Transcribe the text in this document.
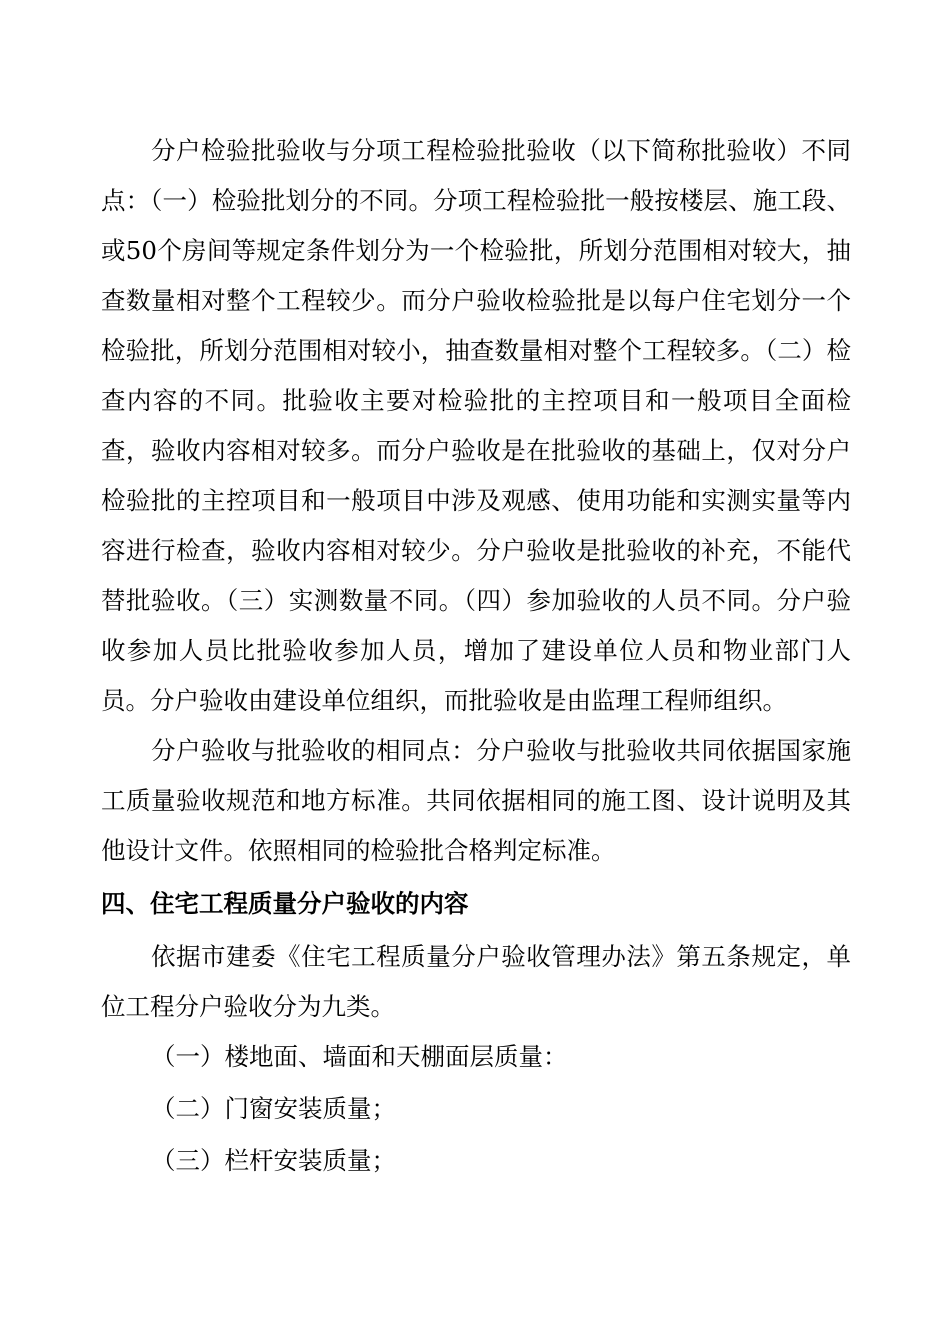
分户检验批验收与分项工程检验批验收（以下简称批验收）不同点：（一）检验批划分的不同。分项工程检验批一般按楼层、施工段、或50个房间等规定条件划分为一个检验批，所划分范围相对较大，抽查数量相对整个工程较少。而分户验收检验批是以每户住宅划分一个检验批，所划分范围相对较小，抽查数量相对整个工程较多。（二）检查内容的不同。批验收主要对检验批的主控项目和一般项目全面检查，验收内容相对较多。而分户验收是在批验收的基础上，仅对分户检验批的主控项目和一般项目中涉及观感、使用功能和实测实量等内容进行检查，验收内容相对较少。分户验收是批验收的补充，不能代替批验收。（三）实测数量不同。（四）参加验收的人员不同。分户验收参加人员比批验收参加人员，增加了建设单位人员和物业部门人员。分户验收由建设单位组织，而批验收是由监理工程师组织。

分户验收与批验收的相同点：分户验收与批验收共同依据国家施工质量验收规范和地方标准。共同依据相同的施工图、设计说明及其他设计文件。依照相同的检验批合格判定标准。

四、住宅工程质量分户验收的内容

依据市建委《住宅工程质量分户验收管理办法》第五条规定，单位工程分户验收分为九类。

（一）楼地面、墙面和天棚面层质量：
（二）门窗安装质量；
（三）栏杆安装质量；
